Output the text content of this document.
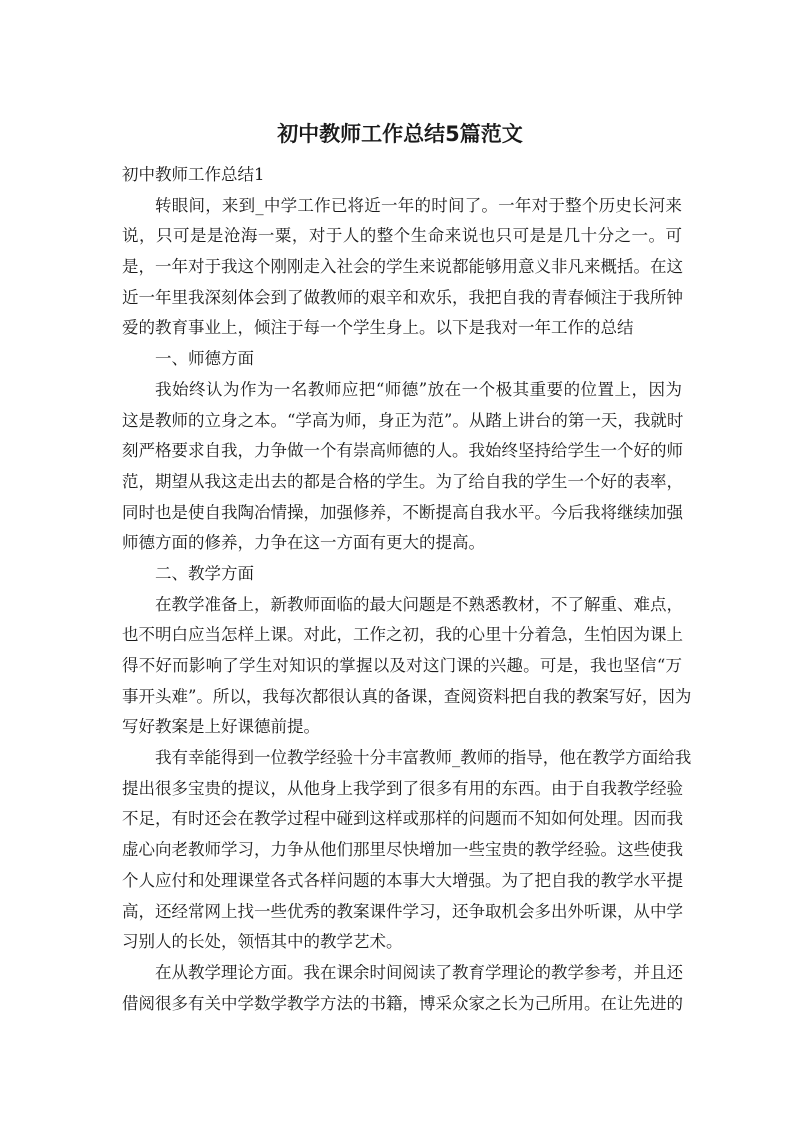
初中教师工作总结5篇范文

初中教师工作总结1

转眼间，来到_中学工作已将近一年的时间了。一年对于整个历史长河来

说，只可是是沧海一粟，对于人的整个生命来说也只可是是几十分之一。可

是，一年对于我这个刚刚走入社会的学生来说都能够用意义非凡来概括。在这

近一年里我深刻体会到了做教师的艰辛和欢乐，我把自我的青春倾注于我所钟

爱的教育事业上，倾注于每一个学生身上。以下是我对一年工作的总结

一、师德方面

我始终认为作为一名教师应把“师德”放在一个极其重要的位置上，因为

这是教师的立身之本。“学高为师，身正为范”。从踏上讲台的第一天，我就时

刻严格要求自我，力争做一个有崇高师德的人。我始终坚持给学生一个好的师

范，期望从我这走出去的都是合格的学生。为了给自我的学生一个好的表率，

同时也是使自我陶冶情操，加强修养，不断提高自我水平。今后我将继续加强

师德方面的修养，力争在这一方面有更大的提高。

二、教学方面

在教学准备上，新教师面临的最大问题是不熟悉教材，不了解重、难点，

也不明白应当怎样上课。对此，工作之初，我的心里十分着急，生怕因为课上

得不好而影响了学生对知识的掌握以及对这门课的兴趣。可是，我也坚信“万

事开头难”。所以，我每次都很认真的备课，查阅资料把自我的教案写好，因为

写好教案是上好课德前提。

我有幸能得到一位教学经验十分丰富教师_教师的指导，他在教学方面给我

提出很多宝贵的提议，从他身上我学到了很多有用的东西。由于自我教学经验

不足，有时还会在教学过程中碰到这样或那样的问题而不知如何处理。因而我

虚心向老教师学习，力争从他们那里尽快增加一些宝贵的教学经验。这些使我

个人应付和处理课堂各式各样问题的本事大大增强。为了把自我的教学水平提

高，还经常网上找一些优秀的教案课件学习，还争取机会多出外听课，从中学

习别人的长处，领悟其中的教学艺术。

在从教学理论方面。我在课余时间阅读了教育学理论的教学参考，并且还

借阅很多有关中学数学教学方法的书籍，博采众家之长为己所用。在让先进的
